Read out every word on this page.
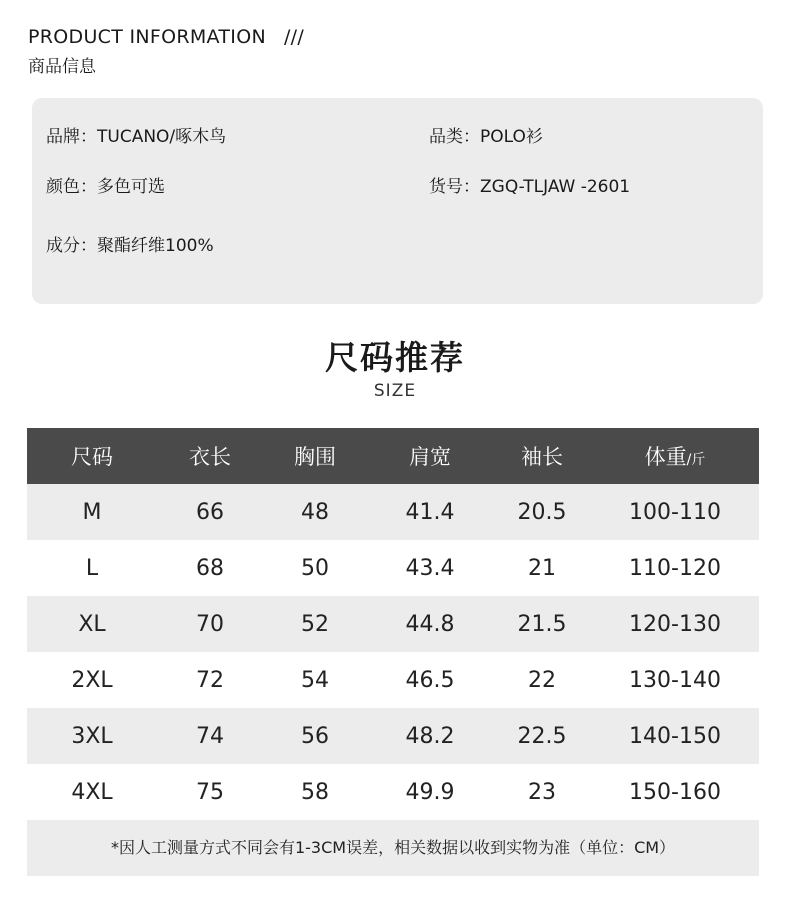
PRODUCT INFORMATION ///
商品信息
品牌：TUCANO/啄木鸟	品类：POLO衫
颜色：多色可选	货号：ZGQ-TLJAW -2601
成分：聚酯纤维100%
尺码推荐
SIZE
尺码	衣长	胸围	肩宽	袖长	体重/斤
M	66	48	41.4	20.5	100-110
L	68	50	43.4	21	110-120
XL	70	52	44.8	21.5	120-130
2XL	72	54	46.5	22	130-140
3XL	74	56	48.2	22.5	140-150
4XL	75	58	49.9	23	150-160
*因人工测量方式不同会有1-3CM误差，相关数据以收到实物为准（单位：CM）
